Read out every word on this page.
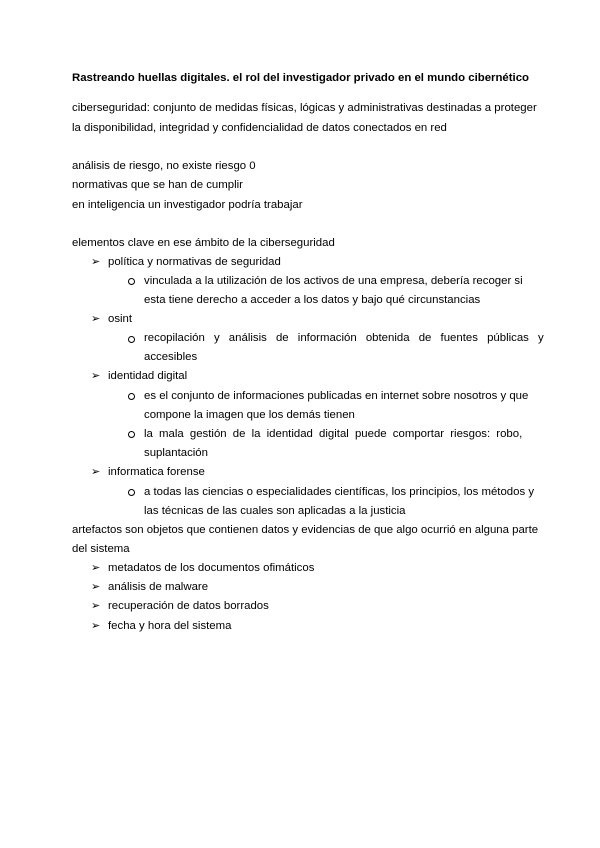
Rastreando huellas digitales. el rol del investigador privado en el mundo cibernético
ciberseguridad: conjunto de medidas físicas, lógicas y administrativas destinadas a proteger
la disponibilidad, integridad y confidencialidad de datos conectados en red
análisis de riesgo, no existe riesgo 0
normativas que se han de cumplir
en inteligencia un investigador podría trabajar
elementos clave en ese ámbito de la ciberseguridad
➢ política y normativas de seguridad
vinculada a la utilización de los activos de una empresa, debería recoger si
esta tiene derecho a acceder a los datos y bajo qué circunstancias
➢ osint
recopilación y análisis de información obtenida de fuentes públicas y
accesibles
➢ identidad digital
es el conjunto de informaciones publicadas en internet sobre nosotros y que
compone la imagen que los demás tienen
la mala gestión de la identidad digital puede comportar riesgos: robo,
suplantación
➢ informatica forense
a todas las ciencias o especialidades científicas, los principios, los métodos y
las técnicas de las cuales son aplicadas a la justicia
artefactos son objetos que contienen datos y evidencias de que algo ocurrió en alguna parte
del sistema
➢ metadatos de los documentos ofimáticos
➢ análisis de malware
➢ recuperación de datos borrados
➢ fecha y hora del sistema
